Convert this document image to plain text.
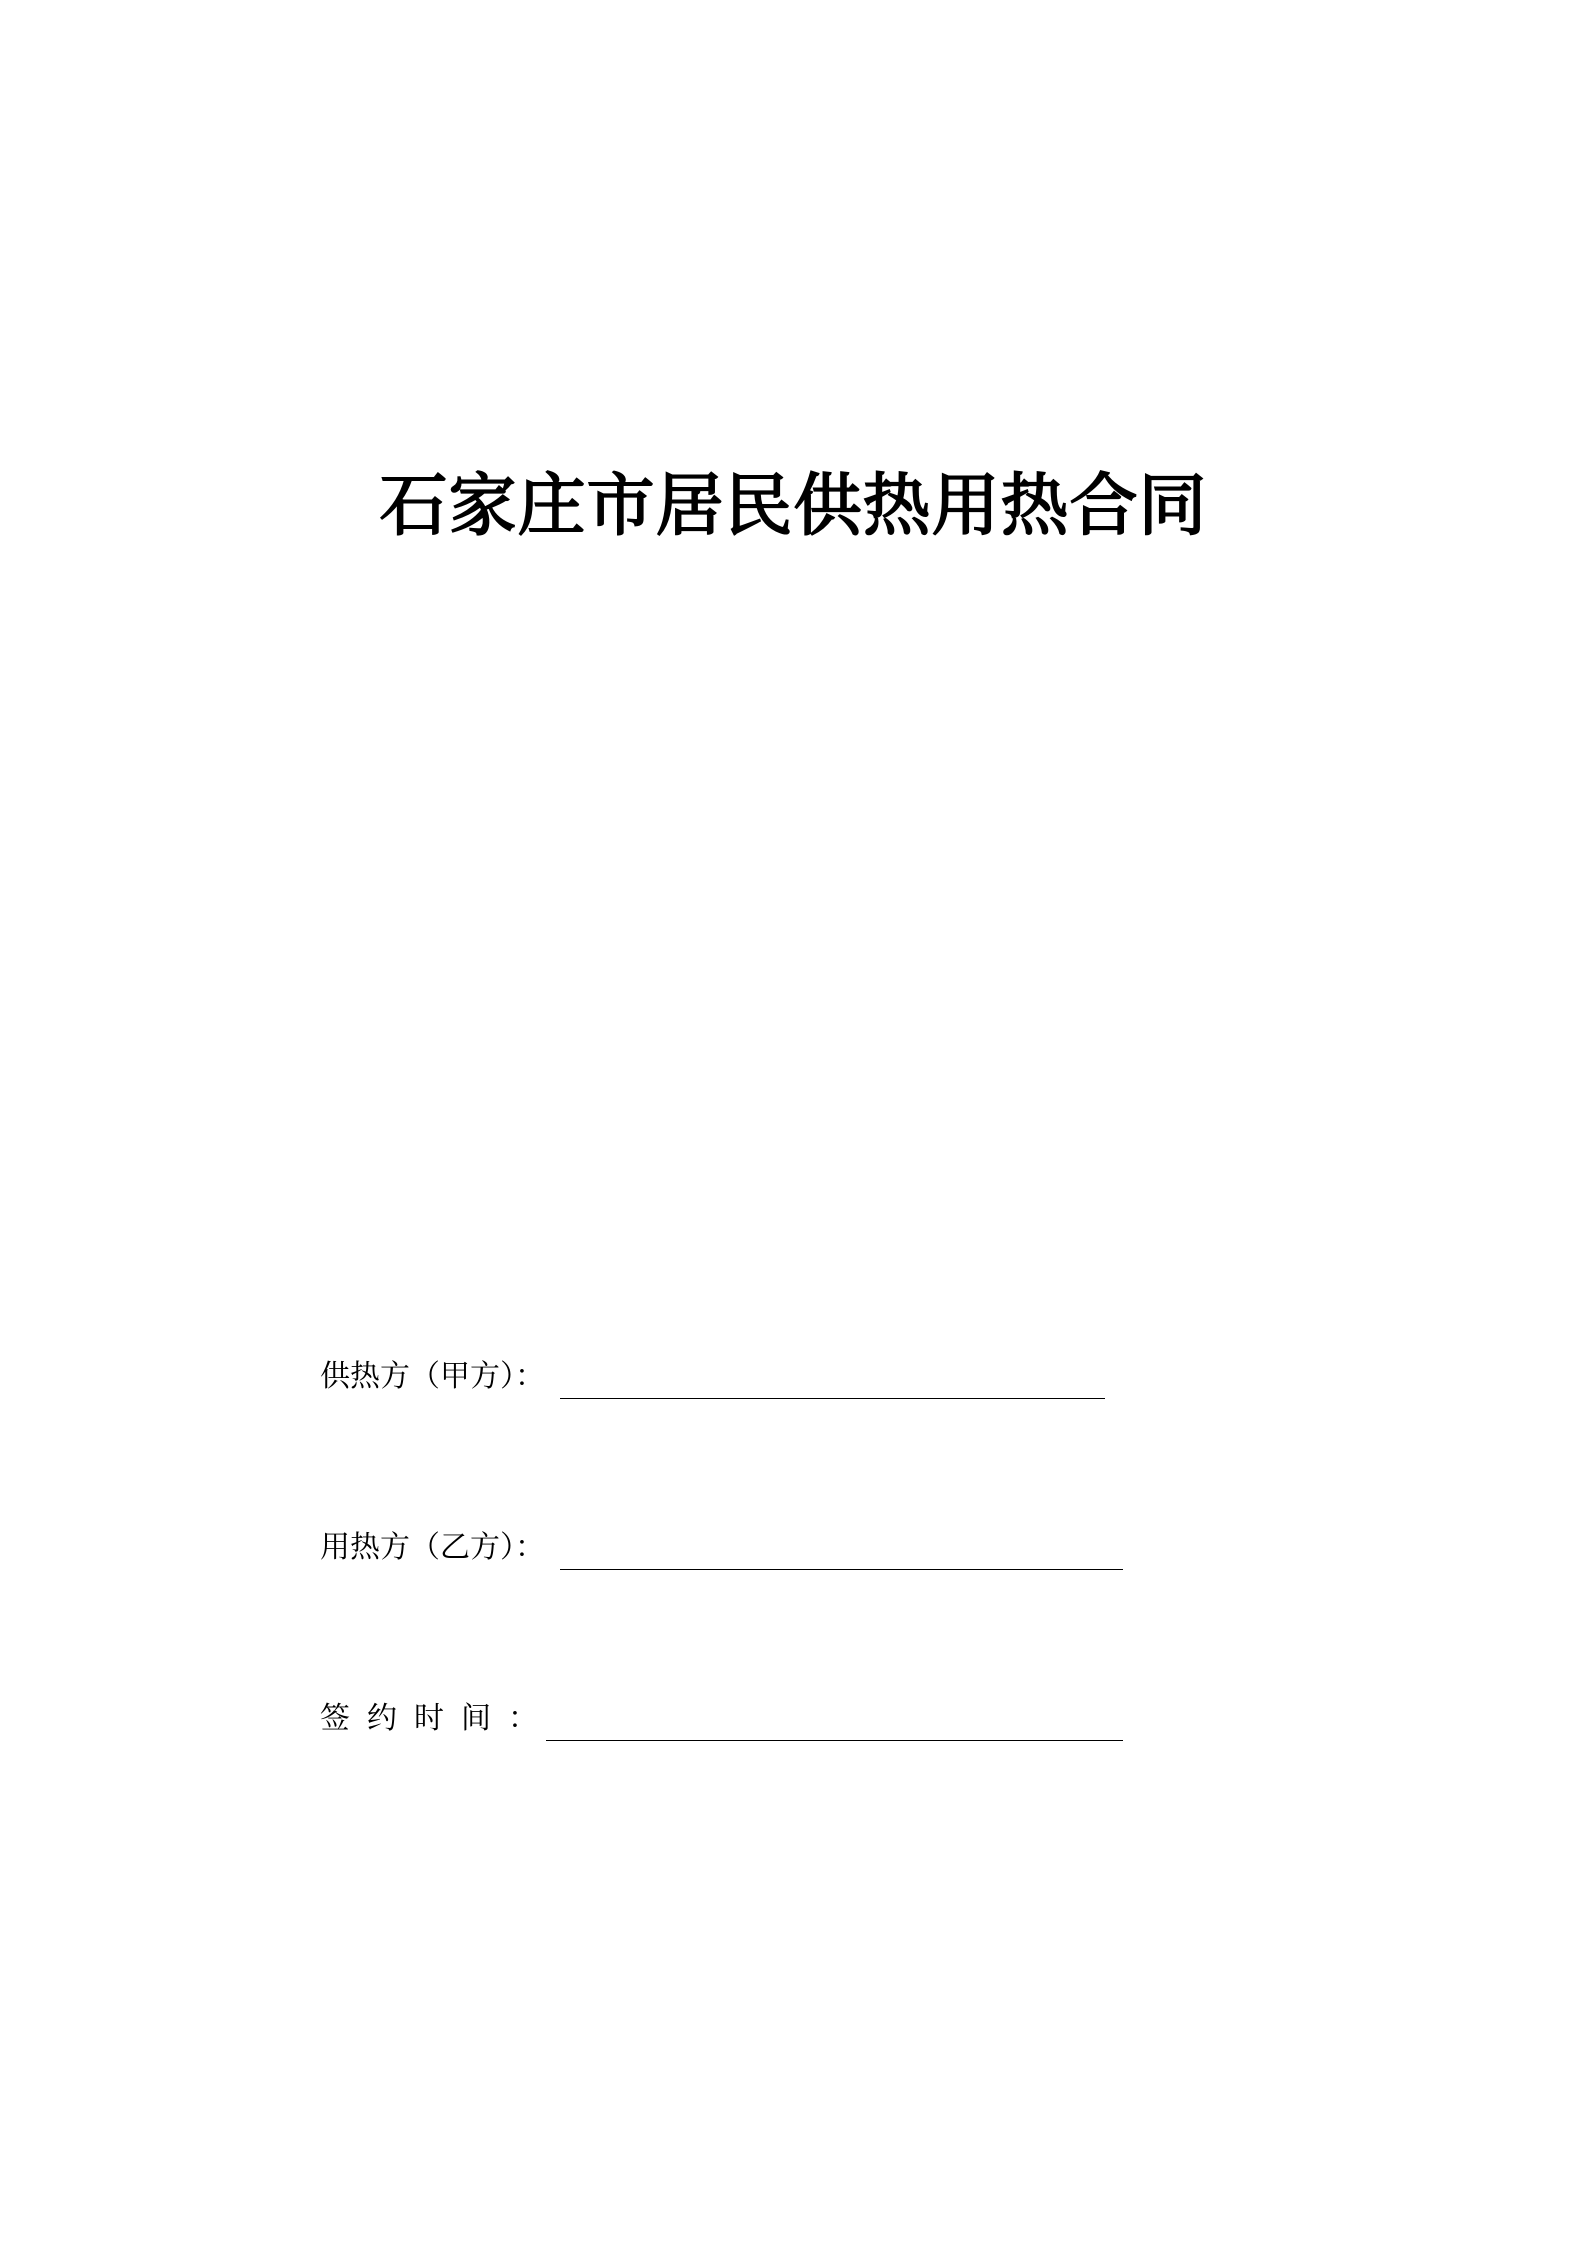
石家庄市居民供热用热合同
供热方（甲方）：
用热方（乙方）：
签约时间：
